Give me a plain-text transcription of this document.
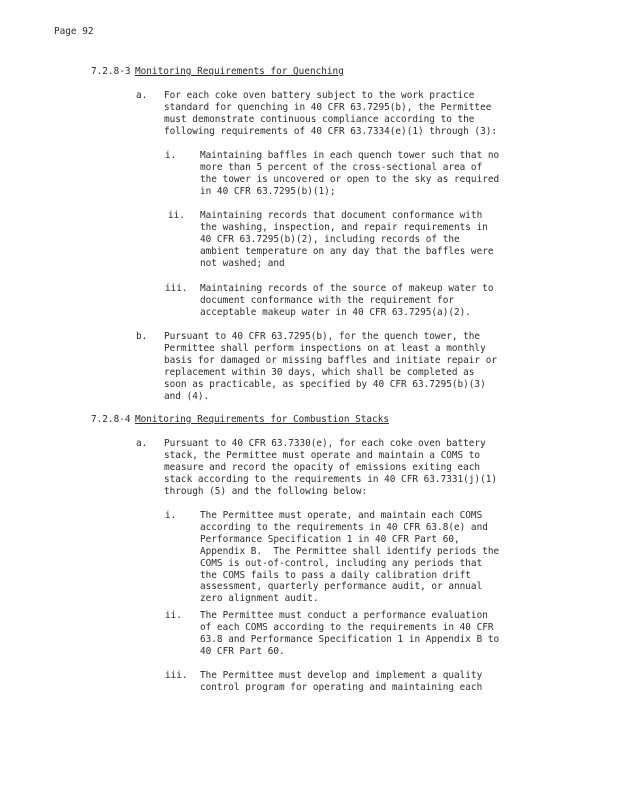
Page 92
7.2.8-3 Monitoring Requirements for Quenching
a. For each coke oven battery subject to the work practice
standard for quenching in 40 CFR 63.7295(b), the Permittee
must demonstrate continuous compliance according to the
following requirements of 40 CFR 63.7334(e)(1) through (3):
i.	Maintaining baffles in each quench tower such that no
more than 5 percent of the cross-sectional area of
the tower is uncovered or open to the sky as required
in 40 CFR 63.7295(b)(1);
ii. Maintaining records that document conformance with
the washing, inspection, and repair requirements in
40 CFR 63.7295(b)(2), including records of the
ambient temperature on any day that the baffles were
not washed; and
iii. Maintaining records of the source of makeup water to
document conformance with the requirement for
acceptable makeup water in 40 CFR 63.7295(a)(2).
b. Pursuant to 40 CFR 63.7295(b), for the quench tower, the
Permittee shall perform inspections on at least a monthly
basis for damaged or missing baffles and initiate repair or
replacement within 30 days, which shall be completed as
soon as practicable, as specified by 40 CFR 63.7295(b)(3)
and (4).
7.2.8-4 Monitoring Requirements for Combustion Stacks
a. Pursuant to 40 CFR 63.7330(e), for each coke oven battery
stack, the Permittee must operate and maintain a COMS to
measure and record the opacity of emissions exiting each
stack according to the requirements in 40 CFR 63.7331(j)(1)
through (5) and the following below:
i.	The Permittee must operate, and maintain each COMS
according to the requirements in 40 CFR 63.8(e) and
Performance Specification 1 in 40 CFR Part 60,
Appendix B.  The Permittee shall identify periods the
COMS is out-of-control, including any periods that
the COMS fails to pass a daily calibration drift
assessment, quarterly performance audit, or annual
zero alignment audit.
ii. The Permittee must conduct a performance evaluation
of each COMS according to the requirements in 40 CFR
63.8 and Performance Specification 1 in Appendix B to
40 CFR Part 60.
iii. The Permittee must develop and implement a quality
control program for operating and maintaining each
